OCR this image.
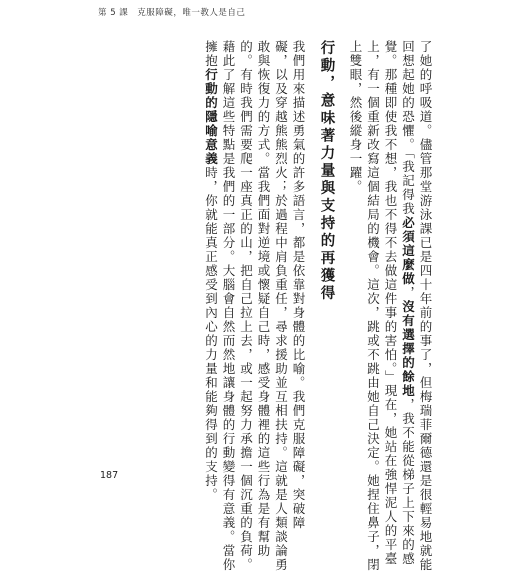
第 5 課　克服障礙，唯一教人是自己
了她的呼吸道。儘管那堂游泳課已是四十年前的事了，但梅瑞菲爾德還是很輕易地就能
回想起她的恐懼。「我記得我必須這麼做，沒有選擇的餘地，我不能從梯子上下來的感
覺。那種即使我不想，我也不得不去做這件事的害怕。」現在，她站在強悍泥人的平臺
上，有一個重新改寫這個結局的機會。這次，跳或不跳由她自己決定。她捏住鼻子，閉
上雙眼，然後縱身一躍。
行動，意味著力量與支持的再獲得
我們用來描述勇氣的許多語言，都是依靠對身體的比喻。我們克服障礙，突破障
礙，以及穿越熊熊烈火；於過程中肩負重任，尋求援助並互相扶持。這就是人類談論勇
敢與恢復力的方式。當我們面對逆境或懷疑自己時，感受身體裡的這些行為是有幫助
的。有時我們需要爬一座真正的山，把自己拉上去，或一起努力承擔一個沉重的負荷。
藉此了解這些特點是我們的一部分。大腦會自然而然地讓身體的行動變得有意義。當你
擁抱行動的隱喻意義時，你就能真正感受到內心的力量和能夠得到的支持。
187
